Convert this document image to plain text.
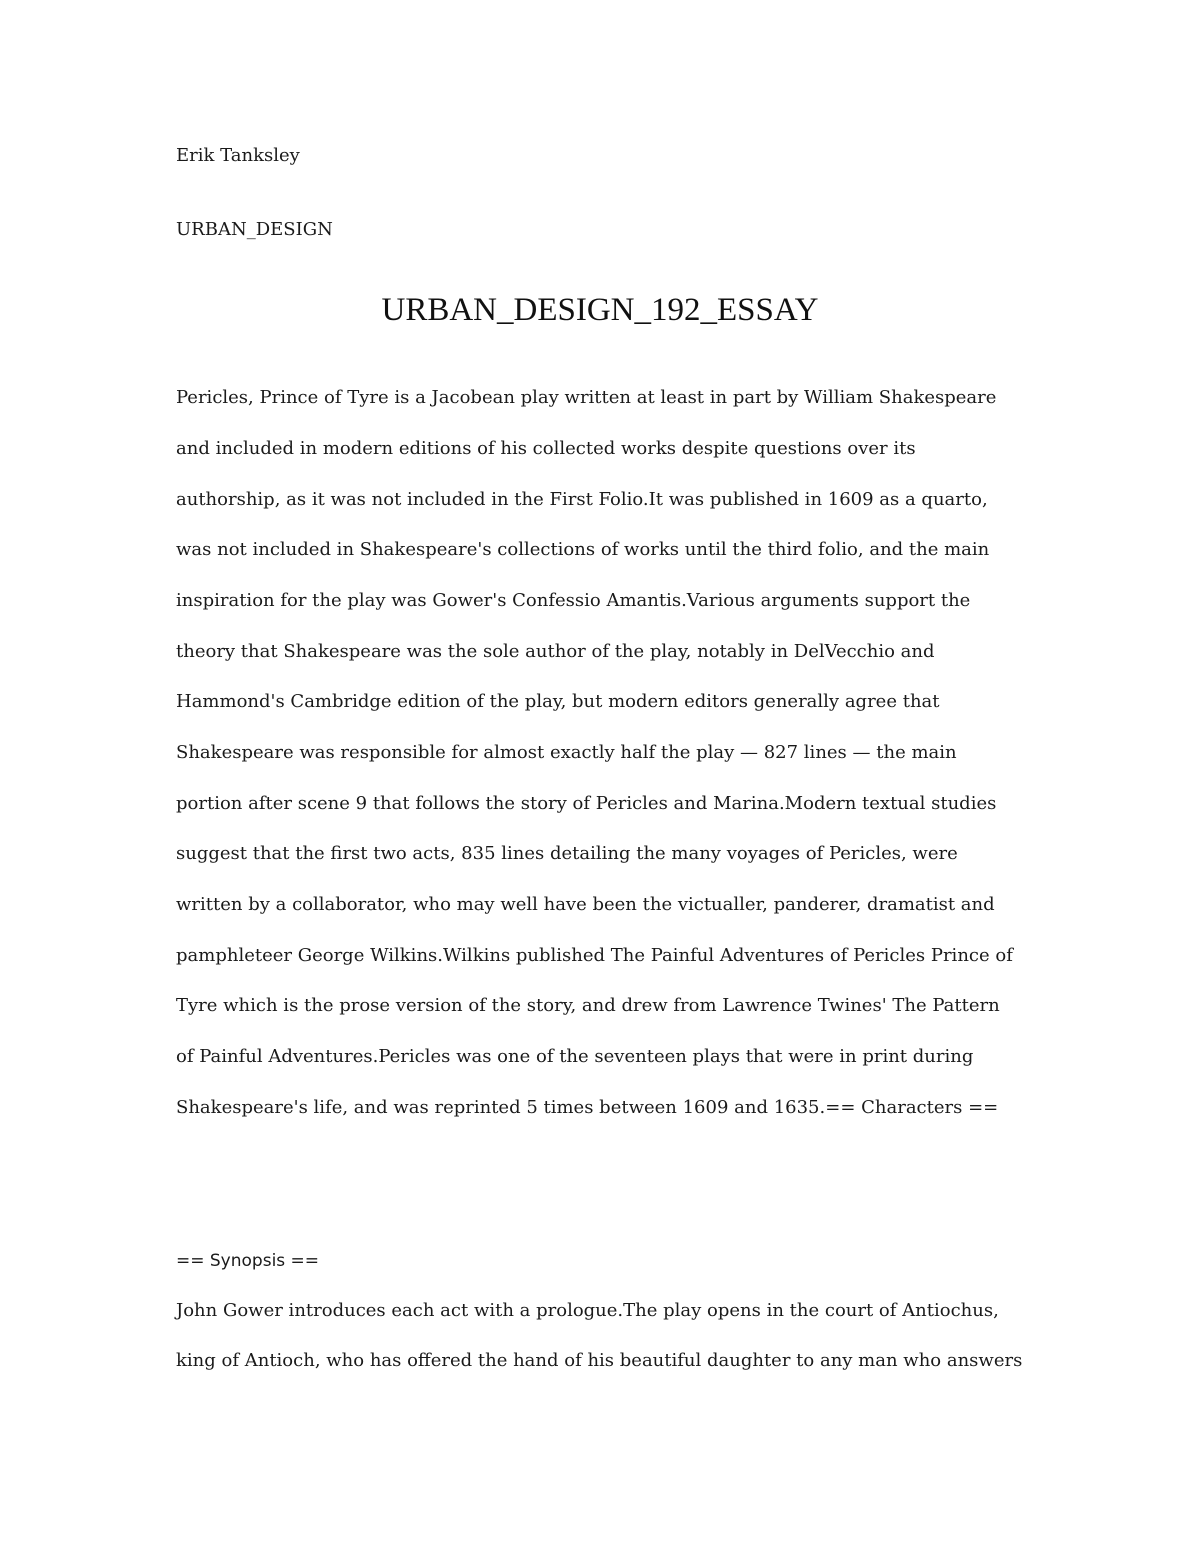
Erik Tanksley
URBAN_DESIGN
URBAN_DESIGN_192_ESSAY
Pericles, Prince of Tyre is a Jacobean play written at least in part by William Shakespeare
and included in modern editions of his collected works despite questions over its
authorship, as it was not included in the First Folio.It was published in 1609 as a quarto,
was not included in Shakespeare's collections of works until the third folio, and the main
inspiration for the play was Gower's Confessio Amantis.Various arguments support the
theory that Shakespeare was the sole author of the play, notably in DelVecchio and
Hammond's Cambridge edition of the play, but modern editors generally agree that
Shakespeare was responsible for almost exactly half the play — 827 lines — the main
portion after scene 9 that follows the story of Pericles and Marina.Modern textual studies
suggest that the first two acts, 835 lines detailing the many voyages of Pericles, were
written by a collaborator, who may well have been the victualler, panderer, dramatist and
pamphleteer George Wilkins.Wilkins published The Painful Adventures of Pericles Prince of
Tyre which is the prose version of the story, and drew from Lawrence Twines' The Pattern
of Painful Adventures.Pericles was one of the seventeen plays that were in print during
Shakespeare's life, and was reprinted 5 times between 1609 and 1635.== Characters ==
== Synopsis ==
John Gower introduces each act with a prologue.The play opens in the court of Antiochus,
king of Antioch, who has offered the hand of his beautiful daughter to any man who answers
